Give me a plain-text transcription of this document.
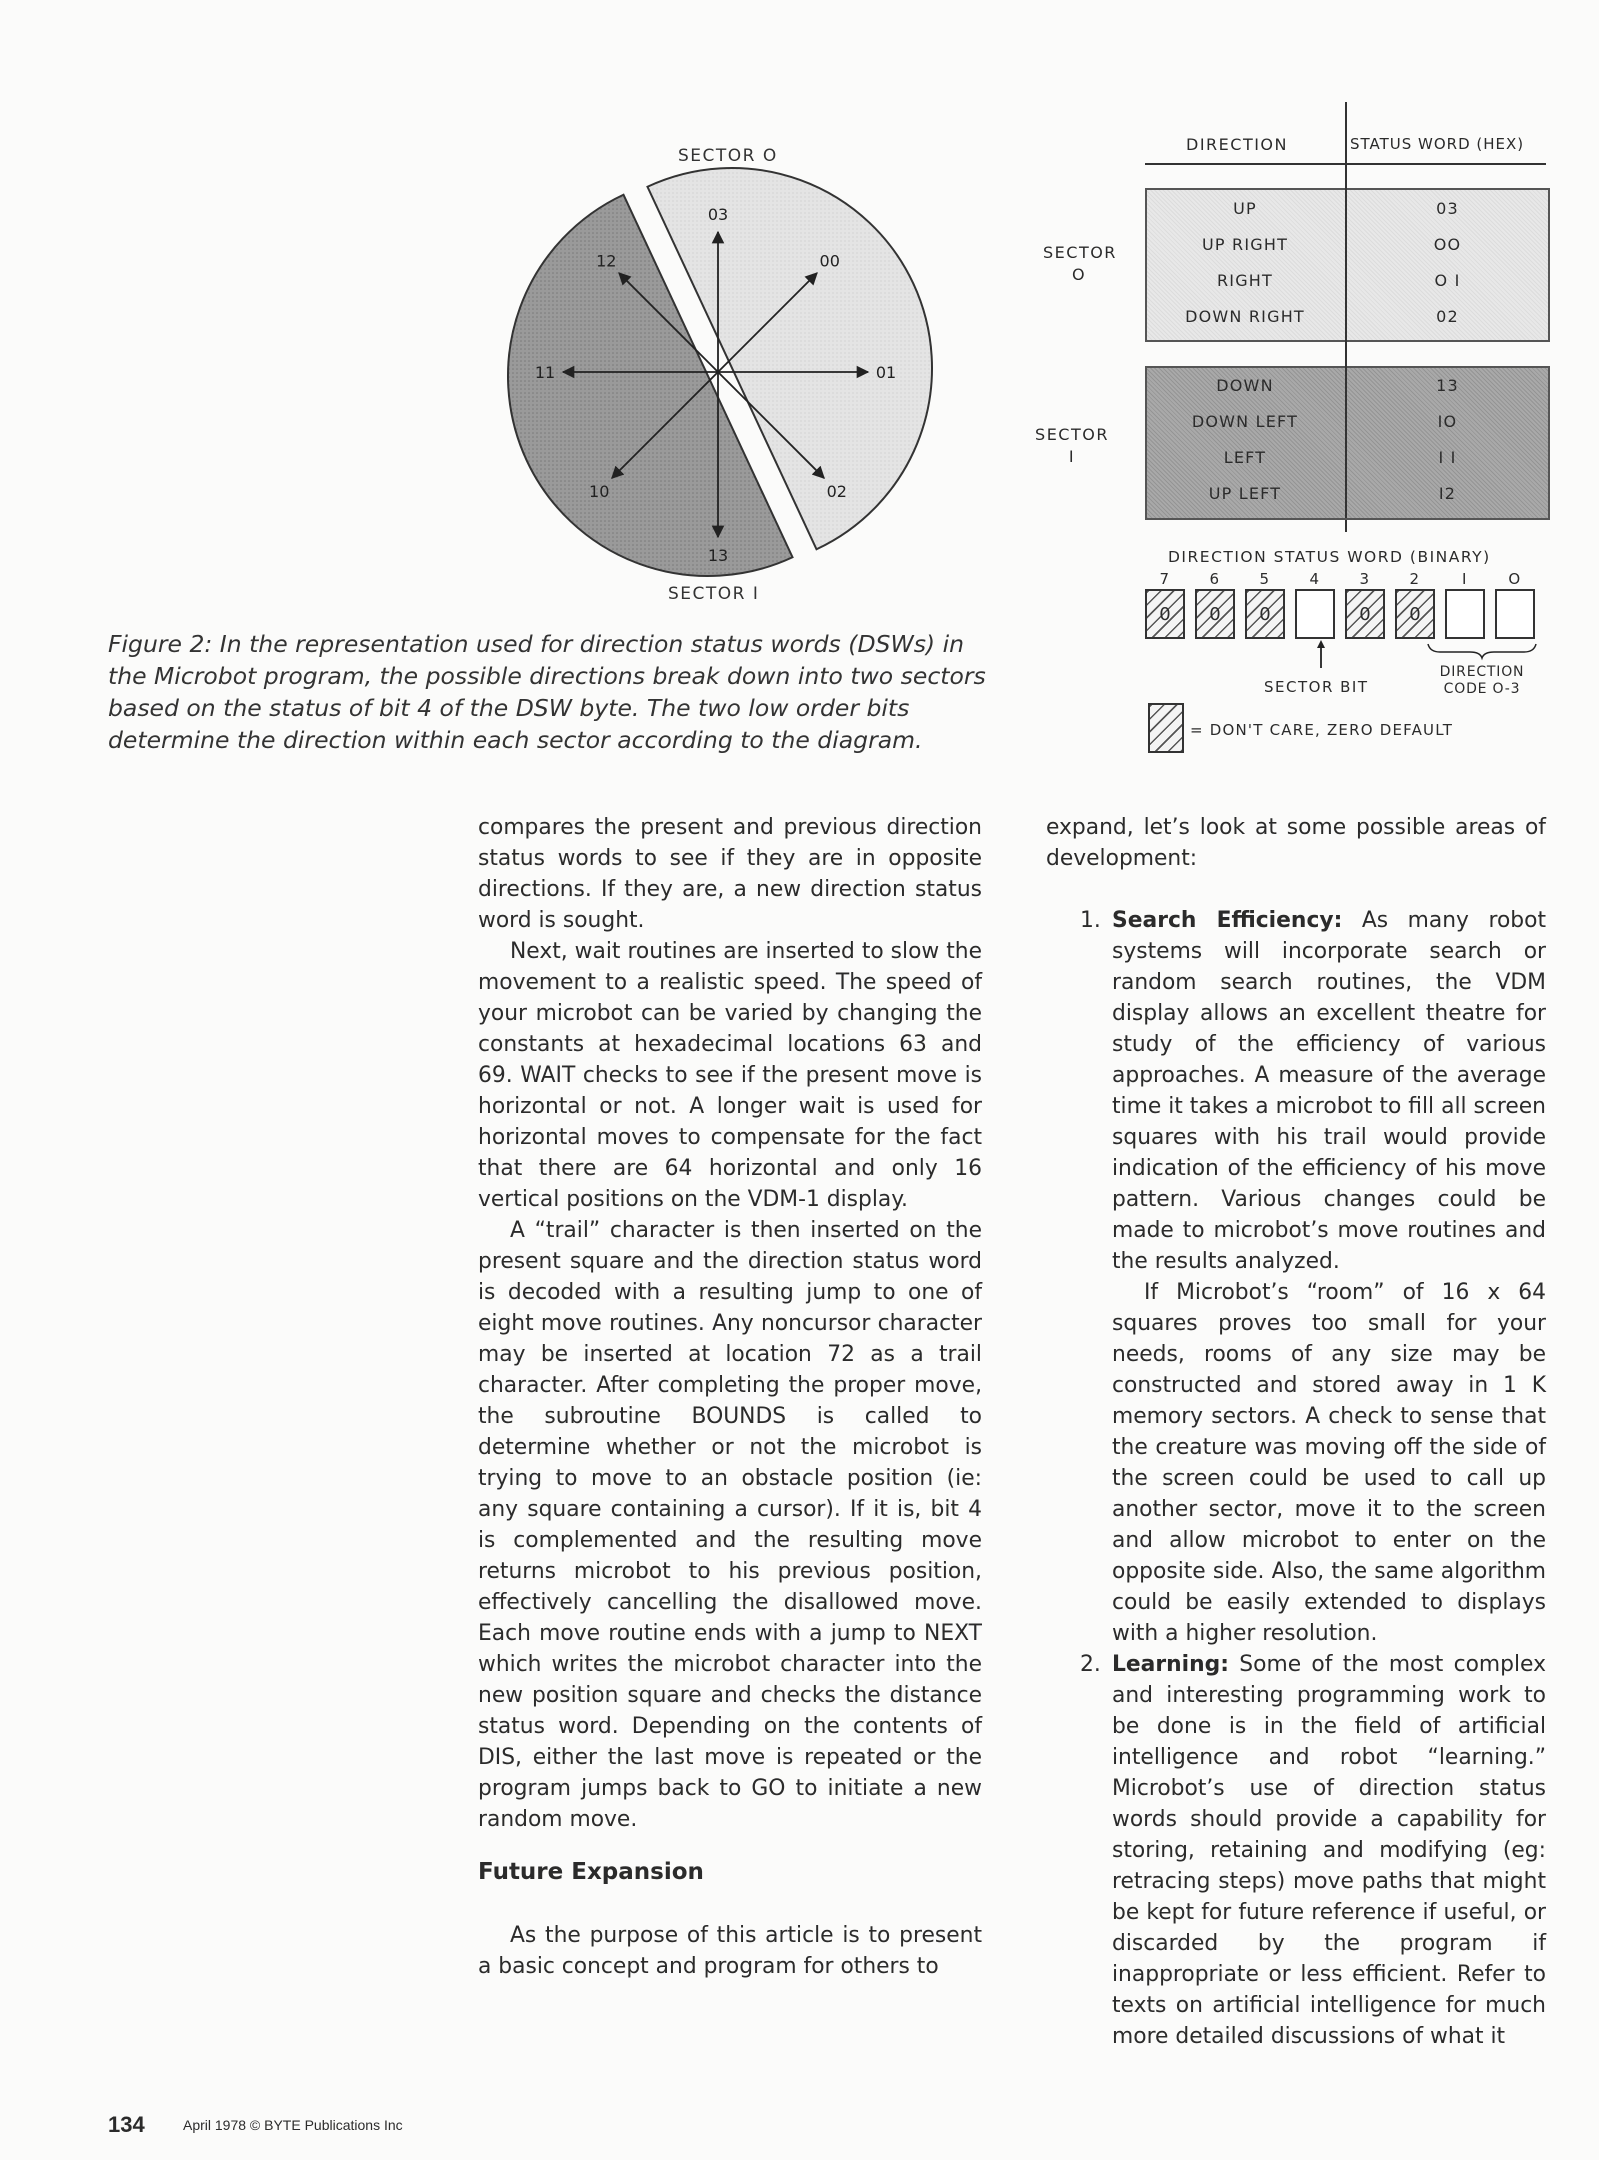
SECTOR O
SECTOR I
03
00
01
02
13
10
11
12
DIRECTION	STATUS WORD (HEX)
SECTOR
O
SECTOR
I
UP	03
UP RIGHT	OO
RIGHT	O I
DOWN RIGHT	02
DOWN	13
DOWN LEFT	IO
LEFT	I I
UP LEFT	I2
DIRECTION STATUS WORD (BINARY)
7	6	5	4	3	2	I	O
0	0	0	0	0
SECTOR BIT
DIRECTION
CODE O-3
= DON'T CARE, ZERO DEFAULT
Figure 2: In the representation used for direction status words (DSWs) in the Microbot program, the possible directions break down into two sectors based on the status of bit 4 of the DSW byte. The two low order bits determine the direction within each sector according to the diagram.

compares the present and previous direction status words to see if they are in opposite directions. If they are, a new direction status word is sought.

Next, wait routines are inserted to slow the movement to a realistic speed. The speed of your microbot can be varied by changing the constants at hexadecimal locations 63 and 69. WAIT checks to see if the present move is horizontal or not. A longer wait is used for horizontal moves to compensate for the fact that there are 64 horizontal and only 16 vertical positions on the VDM-1 display.

A “trail” character is then inserted on the present square and the direction status word is decoded with a resulting jump to one of eight move routines. Any noncursor character may be inserted at location 72 as a trail character. After completing the proper move, the subroutine BOUNDS is called to determine whether or not the microbot is trying to move to an obstacle position (ie: any square containing a cursor). If it is, bit 4 is complemented and the resulting move returns microbot to his previous position, effectively cancelling the disallowed move. Each move routine ends with a jump to NEXT which writes the microbot character into the new position square and checks the distance status word. Depending on the contents of DIS, either the last move is repeated or the program jumps back to GO to initiate a new random move.

Future Expansion

As the purpose of this article is to present a basic concept and program for others to

expand, let’s look at some possible areas of development:

1. Search Efficiency: As many robot systems will incorporate search or random search routines, the VDM display allows an excellent theatre for study of the efficiency of various approaches. A measure of the average time it takes a microbot to fill all screen squares with his trail would provide indication of the efficiency of his move pattern. Various changes could be made to microbot’s move routines and the results analyzed.

If Microbot’s “room” of 16 x 64 squares proves too small for your needs, rooms of any size may be constructed and stored away in 1 K memory sectors. A check to sense that the creature was moving off the side of the screen could be used to call up another sector, move it to the screen and allow microbot to enter on the opposite side. Also, the same algorithm could be easily extended to displays with a higher resolution.

2. Learning: Some of the most complex and interesting programming work to be done is in the field of artificial intelligence and robot “learning.” Microbot’s use of direction status words should provide a capability for storing, retaining and modifying (eg: retracing steps) move paths that might be kept for future reference if useful, or discarded by the program if inappropriate or less efficient. Refer to texts on artificial intelligence for much more detailed discussions of what it

134	April 1978 © BYTE Publications Inc
